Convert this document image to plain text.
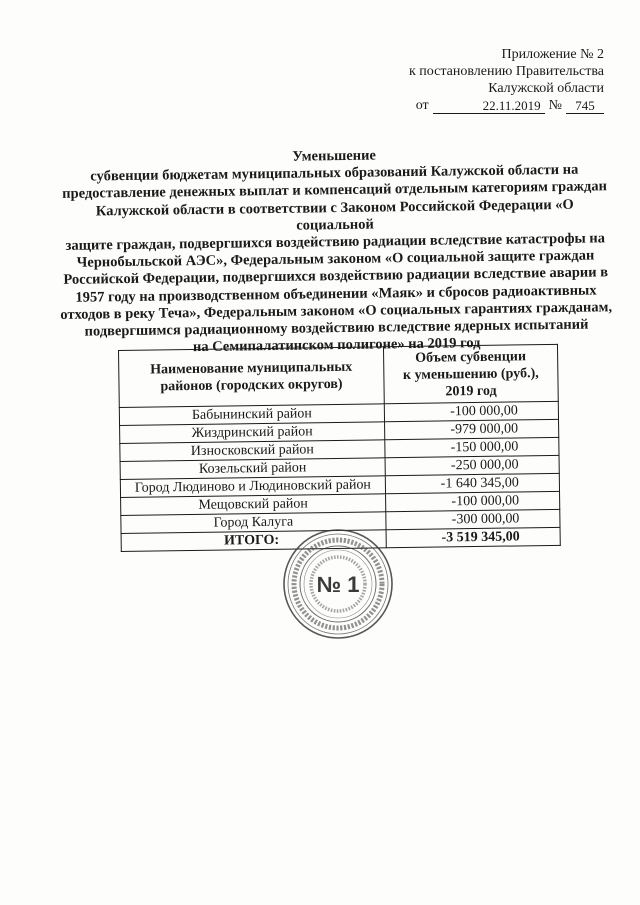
Приложение № 2
к постановлению Правительства
Калужской области
от	22.11.2019 №	745
Уменьшение
субвенции бюджетам муниципальных образований Калужской области на
предоставление денежных выплат и компенсаций отдельным категориям граждан
Калужской области в соответствии с Законом Российской Федерации «О социальной
защите граждан, подвергшихся воздействию радиации вследствие катастрофы на
Чернобыльской АЭС», Федеральным законом «О социальной защите граждан
Российской Федерации, подвергшихся воздействию радиации вследствие аварии в
1957 году на производственном объединении «Маяк» и сбросов радиоактивных
отходов в реку Теча», Федеральным законом «О социальных гарантиях гражданам,
подвергшимся радиационному воздействию вследствие ядерных испытаний
на Семипалатинском полигоне» на 2019 год
Наименование муниципальных
районов (городских округов)	Объем субвенции
к уменьшению (руб.),
2019 год
Бабынинский район	-100 000,00
Жиздринский район	-979 000,00
Износковский район	-150 000,00
Козельский район	-250 000,00
Город Людиново и Людиновский район	-1 640 345,00
Мещовский район	-100 000,00
Город Калуга	-300 000,00
ИТОГО:	-3 519 345,00
№ 1
